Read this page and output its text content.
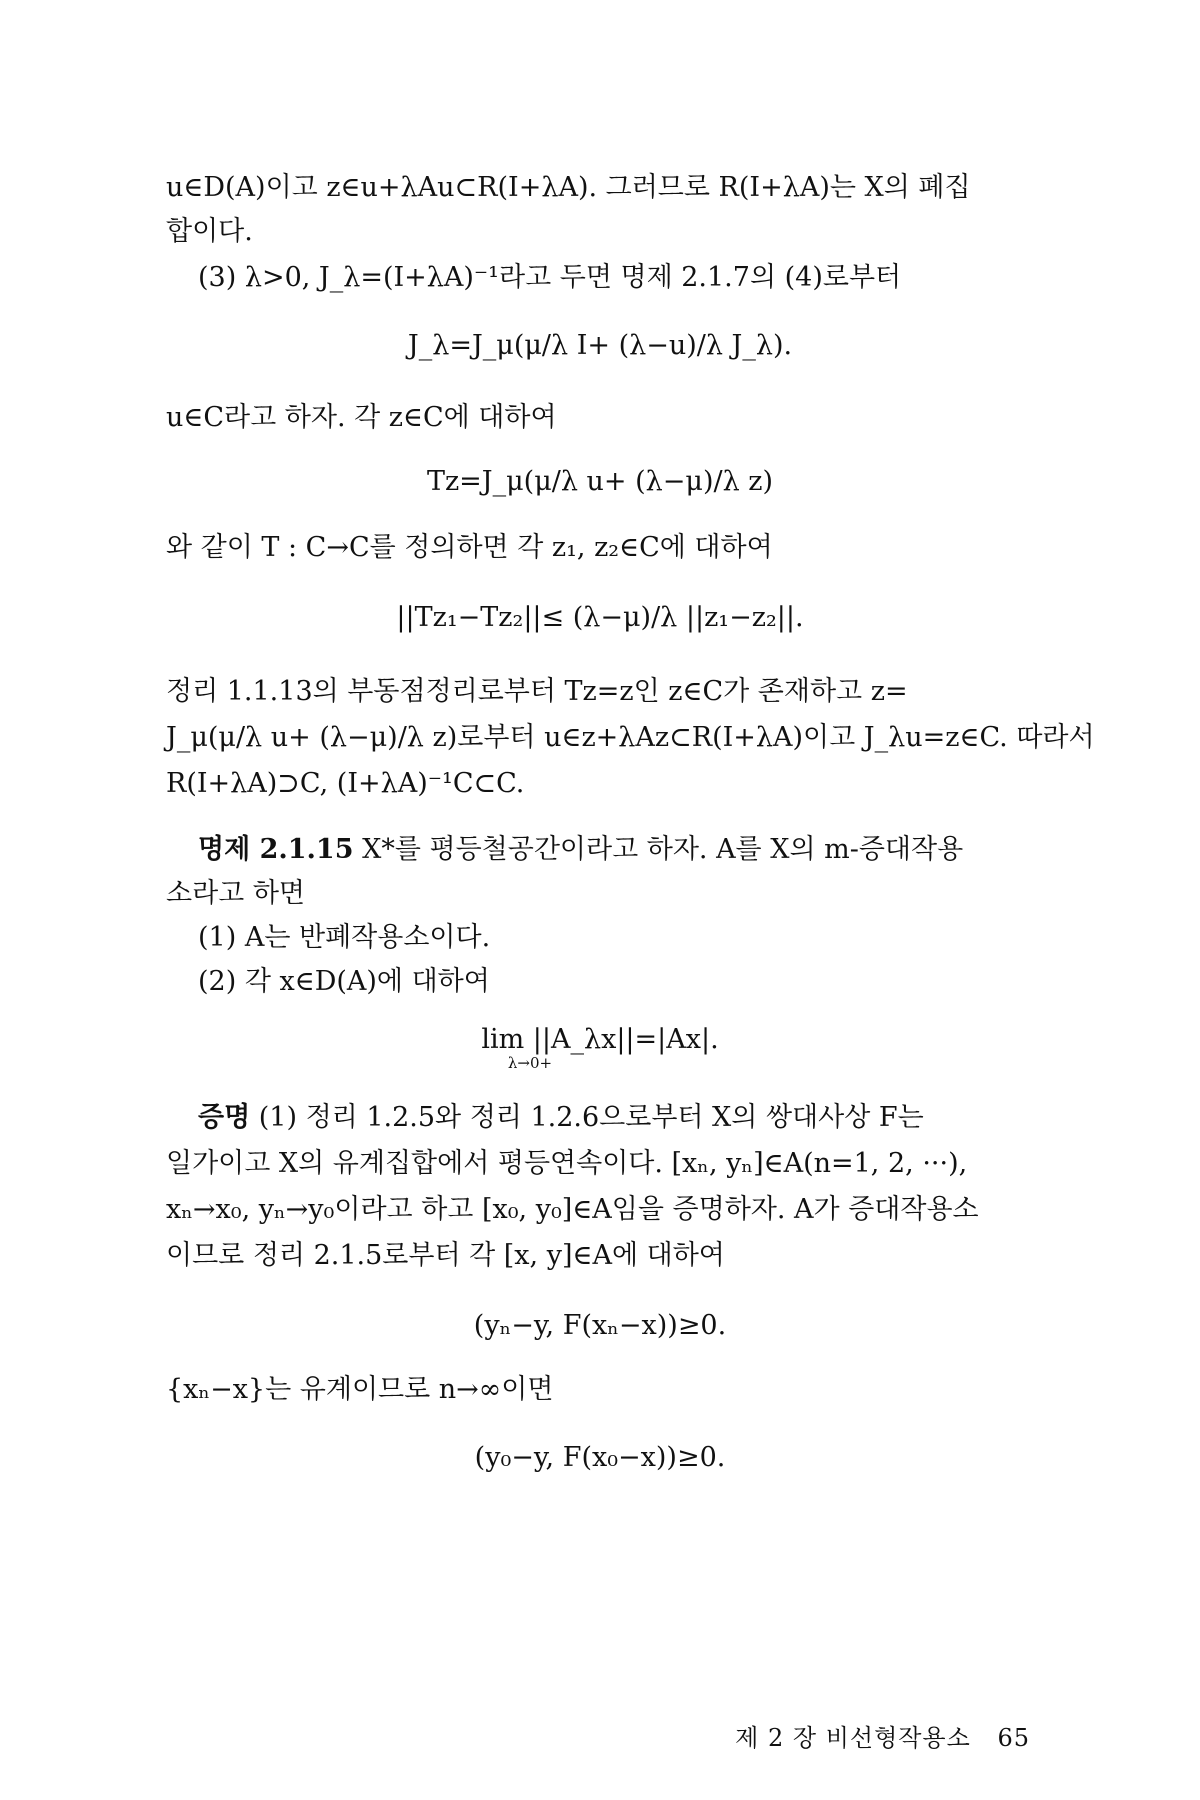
u∈D(A)이고 z∈u+λAu⊂R(I+λA). 그러므로 R(I+λA)는 X의 폐집
합이다.
(3) λ>0, J_λ=(I+λA)⁻¹라고 두면 명제 2.1.7의 (4)로부터
J_λ=J_μ(μ/λ I+ (λ−u)/λ J_λ).
u∈C라고 하자. 각 z∈C에 대하여
Tz=J_μ(μ/λ u+ (λ−μ)/λ z)
와 같이 T : C→C를 정의하면 각 z₁, z₂∈C에 대하여
||Tz₁−Tz₂||≤ (λ−μ)/λ ||z₁−z₂||.
정리 1.1.13의 부동점정리로부터 Tz=z인 z∈C가 존재하고 z=
J_μ(μ/λ u+ (λ−μ)/λ z)로부터 u∈z+λAz⊂R(I+λA)이고 J_λu=z∈C. 따라서
R(I+λA)⊃C, (I+λA)⁻¹C⊂C.
명제 2.1.15 X*를 평등철공간이라고 하자. A를 X의 m-증대작용
소라고 하면
(1) A는 반폐작용소이다.
(2) 각 x∈D(A)에 대하여
lim ||A_λx||=|Ax|.
λ→0+
증명 (1) 정리 1.2.5와 정리 1.2.6으로부터 X의 쌍대사상 F는
일가이고 X의 유계집합에서 평등연속이다. [xₙ, yₙ]∈A(n=1, 2, ···),
xₙ→x₀, yₙ→y₀이라고 하고 [x₀, y₀]∈A임을 증명하자. A가 증대작용소
이므로 정리 2.1.5로부터 각 [x, y]∈A에 대하여
(yₙ−y, F(xₙ−x))≥0.
{xₙ−x}는 유계이므로 n→∞이면
(y₀−y, F(x₀−x))≥0.
제 2 장 비선형작용소 65
